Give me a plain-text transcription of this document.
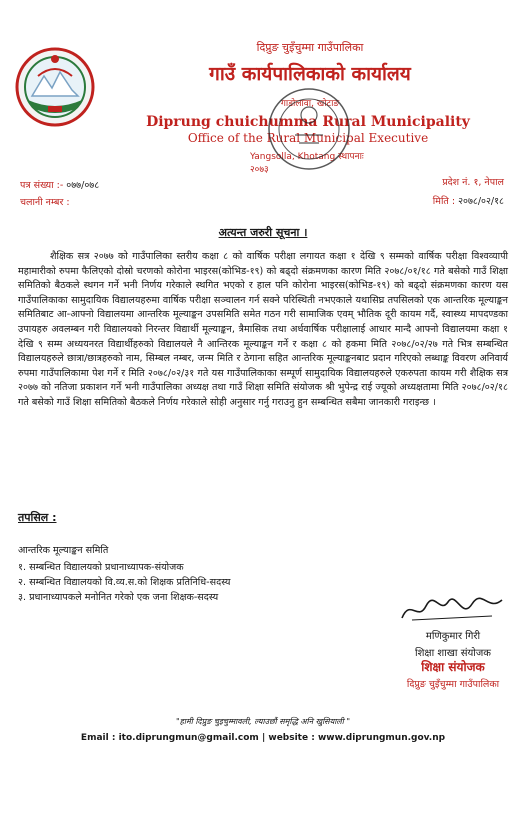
दिप्रुङ चुइँचुम्मा गाउँपालिका
गाउँ कार्यपालिकाको कार्यालय
गाडोलावा, खोटाङ
Diprung chuichumma Rural Municipality
Office of the Rural Municipal Executive
Yangsolla, Khotang स्थापनाः २०७३
पत्र संख्या :- ०७७/०७८
चलानी नम्बर :
प्रदेश नं. १, नेपाल
मिति : २०७८/०२/१८
अत्यन्त जरुरी सूचना ।
शैक्षिक सत्र २०७७ को गाउँपालिका स्तरीय कक्षा ८ को वार्षिक परीक्षा लगायत कक्षा १ देखि ९ सम्मको वार्षिक परीक्षा विश्वव्यापी महामारीको रुपमा फैलिएको दोस्रो चरणको कोरोना भाइरस(कोभिड-१९) को बढ्दो संक्रमणका कारण मिति २०७८/०१/१८ गते बसेको गाउँ शिक्षा समितिको बैठकले स्थगन गर्ने भनी निर्णय गरेकाले स्थगित भएको र हाल पनि कोरोना भाइरस(कोभिड-१९) को बढ्दो संक्रमणका कारण यस गाउँपालिकाका सामुदायिक विद्यालयहरुमा वार्षिक परीक्षा सञ्चालन गर्न सक्ने परिस्थिती नभएकाले यथासिघ्र तपसिलको एक आन्तरिक मूल्याङ्कन समितिबाट आ-आफ्नो विद्यालयमा आन्तरिक मूल्याङ्कन उपसमिति समेत गठन गरी सामाजिक एवम् भौतिक दूरी कायम गर्दै, स्वास्थ्य मापदण्डका उपायहरु अवलम्बन गरी विद्यालयको निरन्तर विद्यार्थी मूल्याङ्कन, त्रैमासिक तथा अर्धवार्षिक परीक्षालाई आधार मान्दै आफ्नो विद्यालयमा कक्षा १ देखि ९ सम्म अध्ययनरत विद्यार्थीहरुको विद्यालयले नै आन्तिरक मूल्याङ्कन गर्ने र कक्षा ८ को हकमा मिति २०७८/०२/२७ गते भित्र सम्बन्धित विद्यालयहरुले छात्रा/छात्रहरुको नाम, सिम्बल नम्बर, जन्म मिति र ठेगाना सहित आन्तरिक मूल्याङ्कनबाट प्रदान गरिएको लब्धाङ्क विवरण अनिवार्य रुपमा गाउँपालिकामा पेश गर्ने र मिति २०७८/०२/३१ गते यस गाउँपालिकाका सम्पूर्ण सामुदायिक विद्यालयहरुले एकरुपता कायम गरी शैक्षिक सत्र २०७७ को नतिजा प्रकाशन गर्ने भनी गाउँपालिका अध्यक्ष तथा गाउँ शिक्षा समिति संयोजक श्री भुपेन्द्र राई ज्यूको अध्यक्षतामा मिति २०७८/०२/१८ गते बसेको गाउँ शिक्षा समितिको बैठकले निर्णय गरेकाले सोही अनुसार गर्नु गराउनु हुन सम्बन्धित सबैमा जानकारी गराइन्छ ।
तपसिल :
आन्तरिक मूल्याङ्कन समिति
१. सम्बन्धित विद्यालयको प्रधानाध्यापक-संयोजक
२. सम्बन्धित विद्यालयको वि.व्य.स.को शिक्षक प्रतिनिधि-सदस्य
३. प्रधानाध्यापकले मनोनित गरेको एक जना शिक्षक-सदस्य
मणिकुमार गिरी
शिक्षा शाखा संयोजक
शिक्षा संयोजक
दिप्रुङ चुइँचुम्मा गाउँपालिका
"हामी दिप्रुङ चुइचुम्मावली, ल्याउछौं समृद्धि अनि खुसियाली "
Email : ito.diprungmun@gmail.com | website : www.diprungmun.gov.np
